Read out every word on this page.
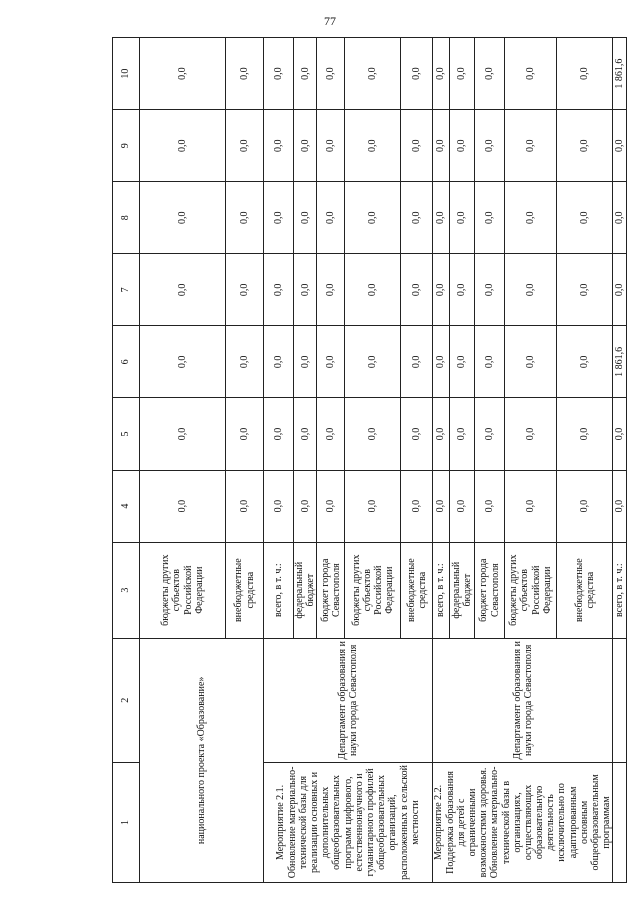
77
1	2	3	4	5	6	7	8	9	10
национального проекта «Образование»		бюджеты других субъектов Российской Федерации	0,0	0,0	0,0	0,0	0,0	0,0	0,0
		внебюджетные средства	0,0	0,0	0,0	0,0	0,0	0,0	0,0
Мероприятие 2.1. Обновление материально-технической базы для реализации основных и дополнительных общеобразовательных программ цифрового, естественнонаучного и гуманитарного профилей общеобразовательных организаций, расположенных в сельской местности	Департамент образования и науки города Севастополя	всего, в т. ч.:	0,0	0,0	0,0	0,0	0,0	0,0	0,0
		федеральный бюджет	0,0	0,0	0,0	0,0	0,0	0,0	0,0
		бюджет города Севастополя	0,0	0,0	0,0	0,0	0,0	0,0	0,0
		бюджеты других субъектов Российской Федерации	0,0	0,0	0,0	0,0	0,0	0,0	0,0
		внебюджетные средства	0,0	0,0	0,0	0,0	0,0	0,0	0,0
Мероприятие 2.2. Поддержка образования для детей с ограниченными возможностями здоровья. Обновление материально-технической базы в организациях, осуществляющих образовательную деятельность исключительно по адаптированным основным общеобразовательным программам	Департамент образования и науки города Севастополя	всего, в т. ч.:	0,0	0,0	0,0	0,0	0,0	0,0	0,0
		федеральный бюджет	0,0	0,0	0,0	0,0	0,0	0,0	0,0
		бюджет города Севастополя	0,0	0,0	0,0	0,0	0,0	0,0	0,0
		бюджеты других субъектов Российской Федерации	0,0	0,0	0,0	0,0	0,0	0,0	0,0
		внебюджетные средства	0,0	0,0	0,0	0,0	0,0	0,0	0,0
		всего, в т. ч.:	0,0	0,0	1 861,6	0,0	0,0	0,0	1 861,6
